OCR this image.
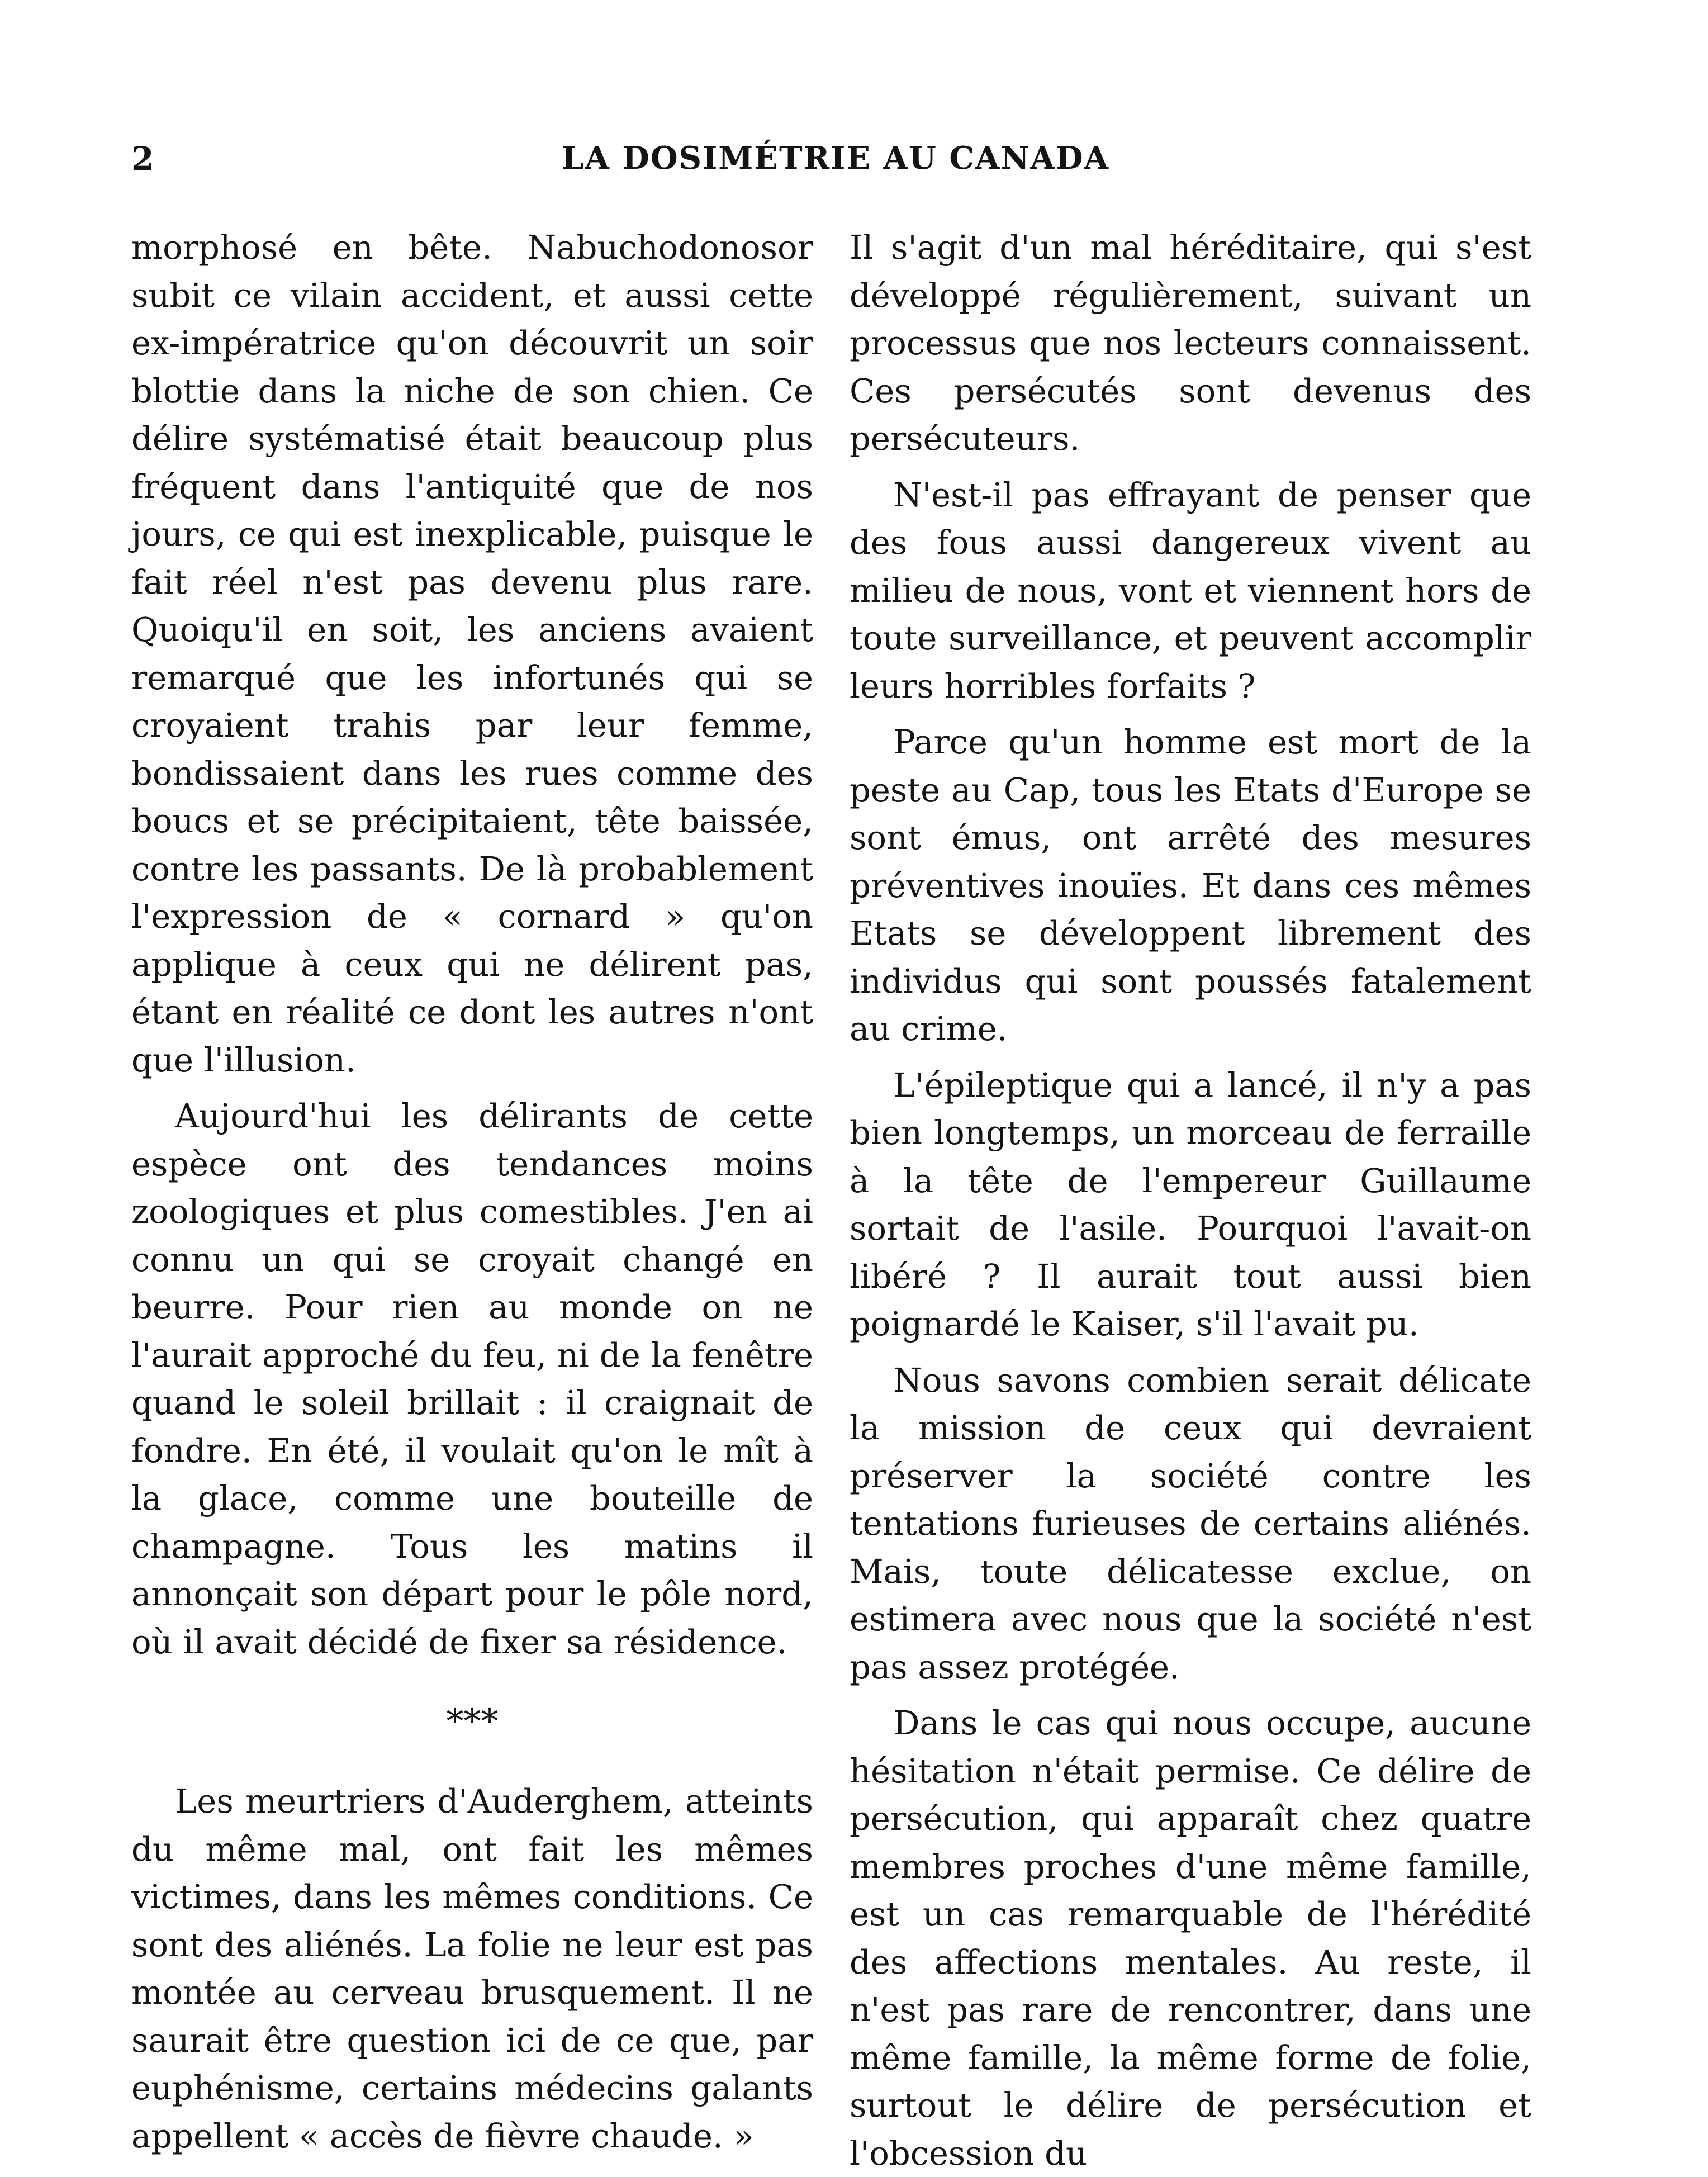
2	LA DOSIMÉTRIE AU CANADA

morphosé en bête. Nabuchodonosor subit ce vilain accident, et aussi cette ex-impératrice qu'on découvrit un soir blottie dans la niche de son chien. Ce délire systématisé était beaucoup plus fréquent dans l'antiquité que de nos jours, ce qui est inexplicable, puisque le fait réel n'est pas devenu plus rare. Quoiqu'il en soit, les anciens avaient remarqué que les infortunés qui se croyaient trahis par leur femme, bondissaient dans les rues comme des boucs et se précipitaient, tête baissée, contre les passants. De là probablement l'expression de « cornard » qu'on applique à ceux qui ne délirent pas, étant en réalité ce dont les autres n'ont que l'illusion.

Aujourd'hui les délirants de cette espèce ont des tendances moins zoologiques et plus comestibles. J'en ai connu un qui se croyait changé en beurre. Pour rien au monde on ne l'aurait approché du feu, ni de la fenêtre quand le soleil brillait : il craignait de fondre. En été, il voulait qu'on le mît à la glace, comme une bouteille de champagne. Tous les matins il annonçait son départ pour le pôle nord, où il avait décidé de fixer sa résidence.

***

Les meurtriers d'Auderghem, atteints du même mal, ont fait les mêmes victimes, dans les mêmes conditions. Ce sont des aliénés. La folie ne leur est pas montée au cerveau brusquement. Il ne saurait être question ici de ce que, par euphénisme, certains médecins galants appellent « accès de fièvre chaude. »

Il s'agit d'un mal héréditaire, qui s'est développé régulièrement, suivant un processus que nos lecteurs connaissent. Ces persécutés sont devenus des persécuteurs.

N'est-il pas effrayant de penser que des fous aussi dangereux vivent au milieu de nous, vont et viennent hors de toute surveillance, et peuvent accomplir leurs horribles forfaits ?

Parce qu'un homme est mort de la peste au Cap, tous les Etats d'Europe se sont émus, ont arrêté des mesures préventives inouïes. Et dans ces mêmes Etats se développent librement des individus qui sont poussés fatalement au crime.

L'épileptique qui a lancé, il n'y a pas bien longtemps, un morceau de ferraille à la tête de l'empereur Guillaume sortait de l'asile. Pourquoi l'avait-on libéré ? Il aurait tout aussi bien poignardé le Kaiser, s'il l'avait pu.

Nous savons combien serait délicate la mission de ceux qui devraient préserver la société contre les tentations furieuses de certains aliénés. Mais, toute délicatesse exclue, on estimera avec nous que la société n'est pas assez protégée.

Dans le cas qui nous occupe, aucune hésitation n'était permise. Ce délire de persécution, qui apparaît chez quatre membres proches d'une même famille, est un cas remarquable de l'hérédité des affections mentales. Au reste, il n'est pas rare de rencontrer, dans une même famille, la même forme de folie, surtout le délire de persécution et l'obcession du
